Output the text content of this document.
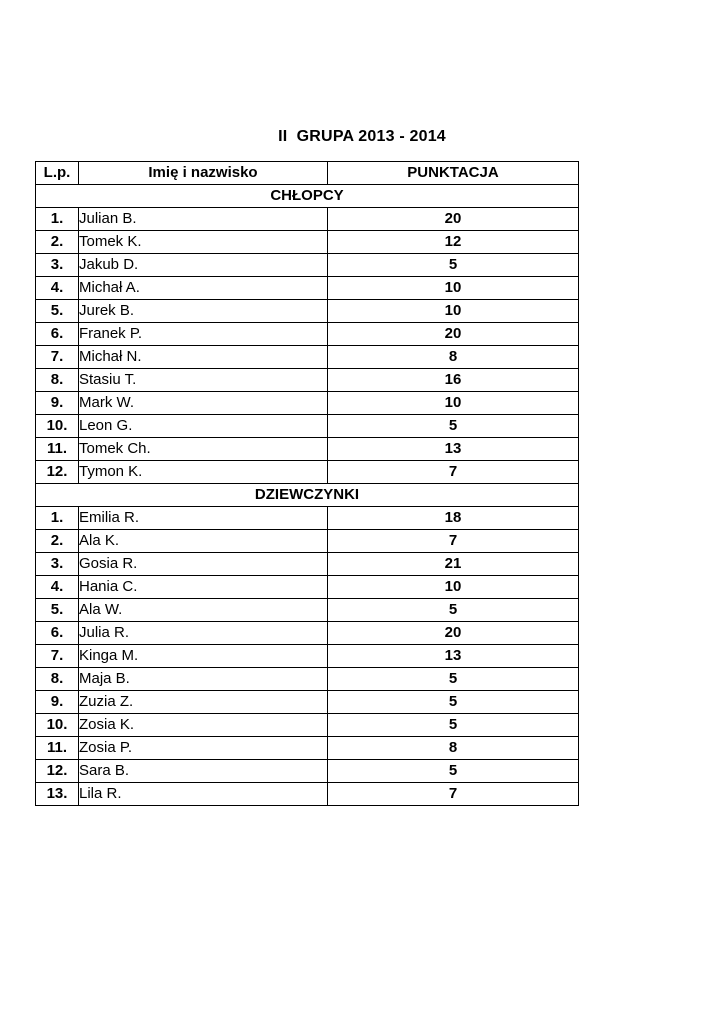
II  GRUPA 2013 - 2014
L.p.	Imię i nazwisko	PUNKTACJA
CHŁOPCY		
1.	Julian B.	20
2.	Tomek K.	12
3.	Jakub D.	5
4.	Michał A.	10
5.	Jurek B.	10
6.	Franek P.	20
7.	Michał N.	8
8.	Stasiu T.	16
9.	Mark W.	10
10.	Leon G.	5
11.	Tomek Ch.	13
12.	Tymon K.	7
DZIEWCZYNKI		
1.	Emilia R.	18
2.	Ala K.	7
3.	Gosia R.	21
4.	Hania C.	10
5.	Ala W.	5
6.	Julia R.	20
7.	Kinga M.	13
8.	Maja B.	5
9.	Zuzia Z.	5
10.	Zosia K.	5
11.	Zosia P.	8
12.	Sara B.	5
13.	Lila R.	7
